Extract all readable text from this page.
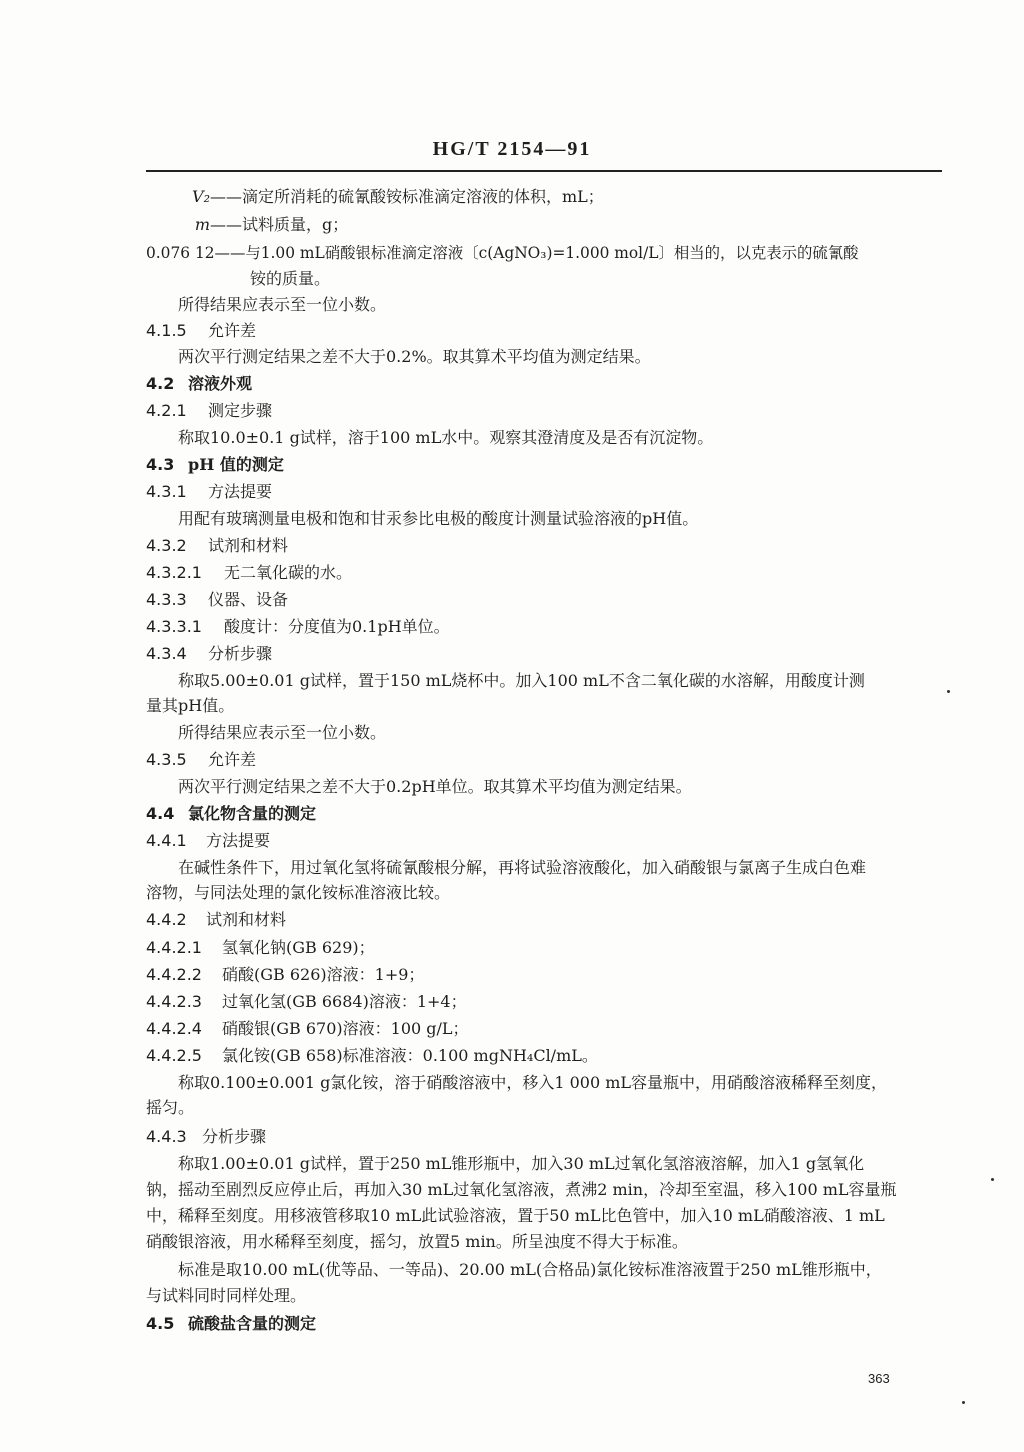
HG/T 2154—91
V₂——滴定所消耗的硫氰酸铵标准滴定溶液的体积，mL；
m——试料质量，g；
0.076 12——与1.00 mL硝酸银标准滴定溶液〔c(AgNO₃)=1.000 mol/L〕相当的，以克表示的硫氰酸
铵的质量。
所得结果应表示至一位小数。
4.1.5 允许差
两次平行测定结果之差不大于0.2%。取其算术平均值为测定结果。
4.2 溶液外观
4.2.1 测定步骤
称取10.0±0.1 g试样，溶于100 mL水中。观察其澄清度及是否有沉淀物。
4.3 pH 值的测定
4.3.1 方法提要
用配有玻璃测量电极和饱和甘汞参比电极的酸度计测量试验溶液的pH值。
4.3.2 试剂和材料
4.3.2.1 无二氧化碳的水。
4.3.3 仪器、设备
4.3.3.1 酸度计：分度值为0.1pH单位。
4.3.4 分析步骤
称取5.00±0.01 g试样，置于150 mL烧杯中。加入100 mL不含二氧化碳的水溶解，用酸度计测
量其pH值。
所得结果应表示至一位小数。
4.3.5 允许差
两次平行测定结果之差不大于0.2pH单位。取其算术平均值为测定结果。
4.4 氯化物含量的测定
4.4.1 方法提要
在碱性条件下，用过氧化氢将硫氰酸根分解，再将试验溶液酸化，加入硝酸银与氯离子生成白色难
溶物，与同法处理的氯化铵标准溶液比较。
4.4.2 试剂和材料
4.4.2.1 氢氧化钠(GB 629)；
4.4.2.2 硝酸(GB 626)溶液：1+9；
4.4.2.3 过氧化氢(GB 6684)溶液：1+4；
4.4.2.4 硝酸银(GB 670)溶液：100 g/L；
4.4.2.5 氯化铵(GB 658)标准溶液：0.100 mgNH₄Cl/mL。
称取0.100±0.001 g氯化铵，溶于硝酸溶液中，移入1 000 mL容量瓶中，用硝酸溶液稀释至刻度，
摇匀。
4.4.3 分析步骤
称取1.00±0.01 g试样，置于250 mL锥形瓶中，加入30 mL过氧化氢溶液溶解，加入1 g氢氧化
钠，摇动至剧烈反应停止后，再加入30 mL过氧化氢溶液，煮沸2 min，冷却至室温，移入100 mL容量瓶
中，稀释至刻度。用移液管移取10 mL此试验溶液，置于50 mL比色管中，加入10 mL硝酸溶液、1 mL
硝酸银溶液，用水稀释至刻度，摇匀，放置5 min。所呈浊度不得大于标准。
标准是取10.00 mL(优等品、一等品)、20.00 mL(合格品)氯化铵标准溶液置于250 mL锥形瓶中，
与试料同时同样处理。
4.5 硫酸盐含量的测定
363
